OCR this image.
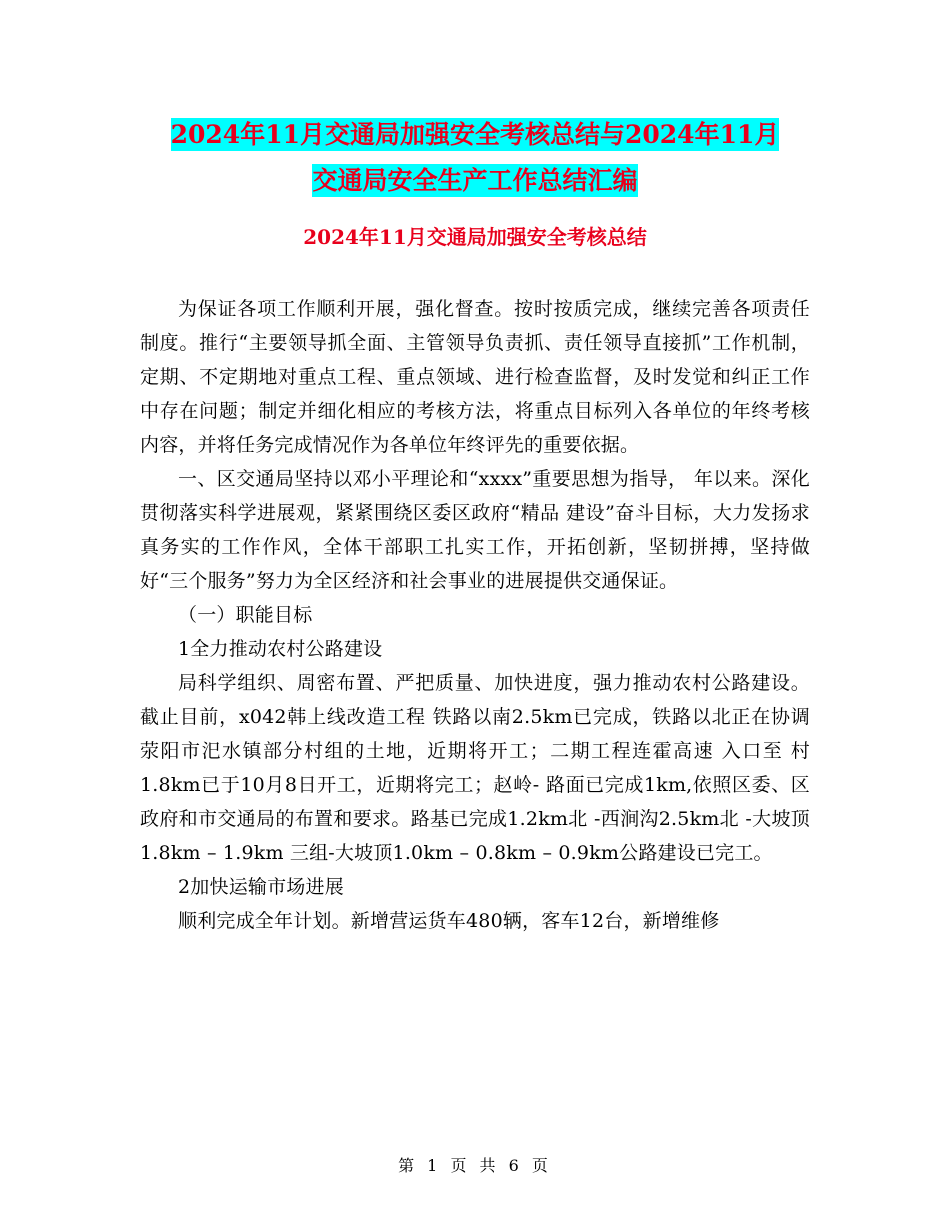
2024年11月交通局加强安全考核总结与2024年11月
交通局安全生产工作总结汇编
2024年11月交通局加强安全考核总结

为保证各项工作顺利开展，强化督查。按时按质完成，继续完善各项责任制度。推行“主要领导抓全面、主管领导负责抓、责任领导直接抓”工作机制，定期、不定期地对重点工程、重点领域、进行检查监督，及时发觉和纠正工作中存在问题；制定并细化相应的考核方法，将重点目标列入各单位的年终考核内容，并将任务完成情况作为各单位年终评先的重要依据。

一、区交通局坚持以邓小平理论和“xxxx”重要思想为指导， 年以来。深化贯彻落实科学进展观，紧紧围绕区委区政府“精品 建设”奋斗目标，大力发扬求真务实的工作作风，全体干部职工扎实工作，开拓创新，坚韧拼搏，坚持做好“三个服务”努力为全区经济和社会事业的进展提供交通保证。

（一）职能目标

1全力推动农村公路建设

局科学组织、周密布置、严把质量、加快进度，强力推动农村公路建设。截止目前，x042韩上线改造工程 铁路以南2.5km已完成，铁路以北正在协调荥阳市汜水镇部分村组的土地，近期将开工；二期工程连霍高速 入口至 村1.8km已于10月8日开工，近期将完工；赵岭- 路面已完成1km,依照区委、区政府和市交通局的布置和要求。路基已完成1.2km北 -西涧沟2.5km北 -大坡顶1.8km – 1.9km 三组-大坡顶1.0km – 0.8km – 0.9km公路建设已完工。

2加快运输市场进展

顺利完成全年计划。新增营运货车480辆，客车12台，新增维修

第 1 页 共 6 页
